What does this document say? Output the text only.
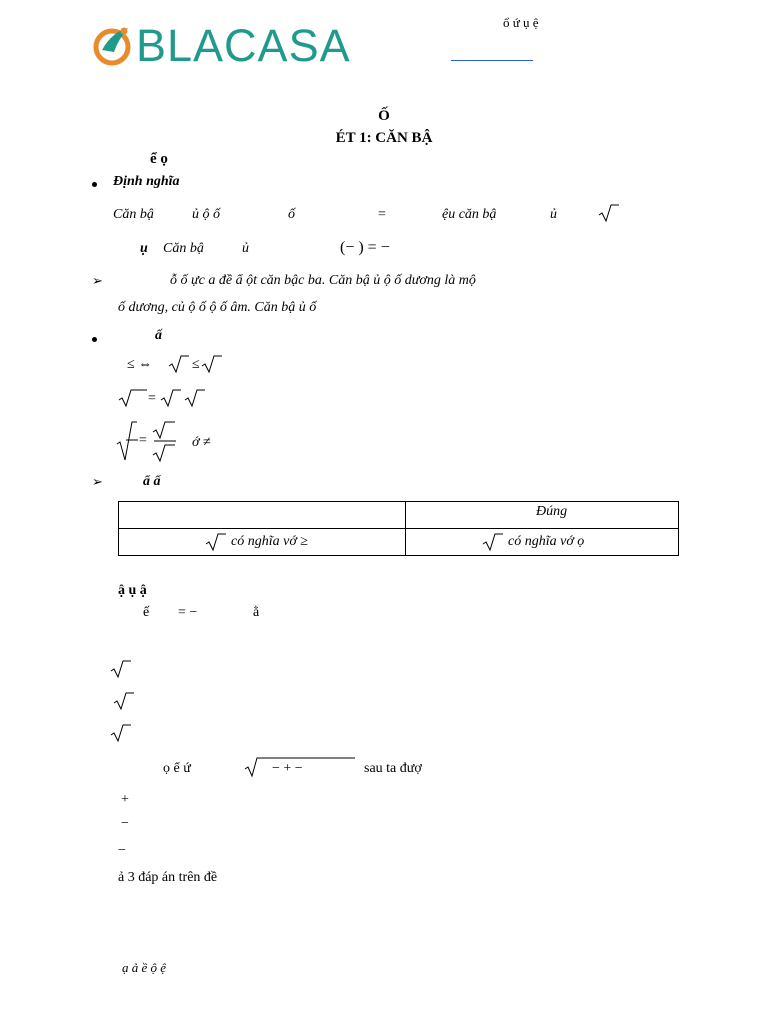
BLACASA	ổ ứ ụ ệ
Ố
ÉT 1: CĂN BẬ
ể ọ
Định nghĩa
Căn bậ	ủ ộ ố	ố	=	ệu căn bậ	ủ
ụ Căn bậ	ủ	(− ) = −
➢	ỗ ố ực a đề ẩ ột căn bậc ba. Căn bậ ủ ộ ố dương là mộ
ố dương, củ ộ ố ộ ố âm. Căn bậ ủ ố
ấ
≤ ⇔	≤
=
=	ớ ≠
➢	ẩ ẩ

	Đúng

có nghĩa vớ ≥	có nghĩa vớ ọ
ậ ụ ậ
ế = −	ằ
ọ ể ứ	− + −	sau ta đượ
+
−
−
ả 3 đáp án trên đề
ạ ả ề ộ ệ
